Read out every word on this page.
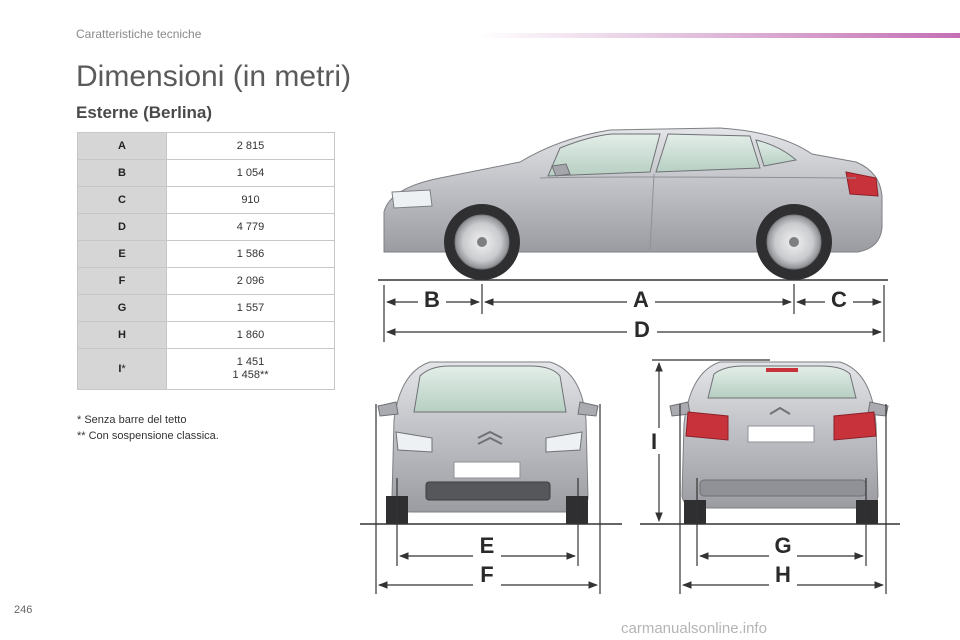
Caratteristiche tecniche
Dimensioni (in metri)
Esterne (Berlina)
A	2 815
B	1 054
C	910
D	4 779
E	1 586
F	2 096
G	1 557
H	1 860
I*	1 451
1 458**
* Senza barre del tetto
** Con sospensione classica.
B	A	C
D
E
F
I
G
H
246
carmanualsonline.info
